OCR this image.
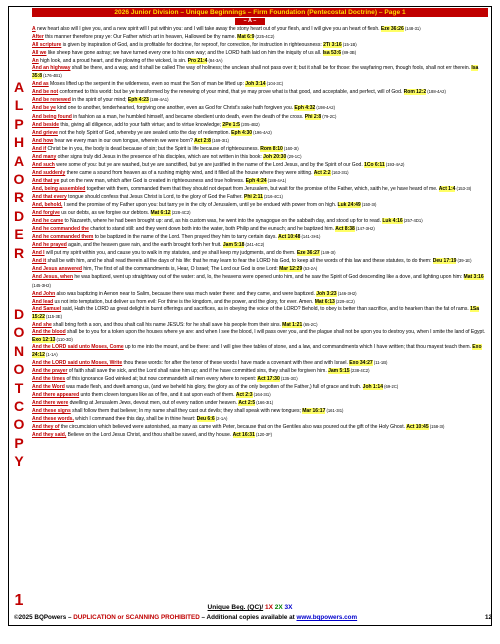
2026 Junior Division – Unique Beginnings – Firm Foundation (Pentecostal Doctrine) – Page 1
– A –
A
L
P
H
A
O
R
D
E
R
D
O
N
O
T
C
O
P
Y
1
A new heart also will I give you, and a new spirit will I put within you: and I will take away the stony heart out of your flesh, and I will give you an heart of flesh. Eze 36:26 (148-31)
After this manner therefore pray ye: Our Father which art in heaven, Hallowed be thy name. Mat 6:9 (225-4C2)
All scripture is given by inspiration of God, and is profitable for doctrine, for reproof, for correction, for instruction in righteousness: 2Ti 3:16 (15-1B)
All we like sheep have gone astray; we have turned every one to his own way; and the LORD hath laid on him the iniquity of us all. Isa 53:6 (89-3B)
An high look, and a proud heart, and the plowing of the wicked, is sin. Pro 21:4 (84-3A)
And an highway shall be there, and a way, and it shall be called The way of holiness; the unclean shall not pass over it; but it shall be for those: the wayfaring men, though fools, shall not err therein. Isa 35:8 (176-4B1)
And as Moses lifted up the serpent in the wilderness, even so must the Son of man be lifted up: Joh 3:14 (104-3C)
And be not conformed to this world: but be ye transformed by the renewing of your mind, that ye may prove what is that good, and acceptable, and perfect, will of God. Rom 12:2 (188-4A2)
And be renewed in the spirit of your mind; Eph 4:23 (188-4A1)
And be ye kind one to another, tenderhearted, forgiving one another, even as God for Christ's sake hath forgiven you. Eph 4:32 (198-4A2)
And being found in fashion as a man, he humbled himself, and became obedient unto death, even the death of the cross. Phi 2:8 (79-2C)
And beside this, giving all diligence, add to your faith virtue; and to virtue knowledge; 2Pe 1:5 (205-4B2)
And grieve not the holy Spirit of God, whereby ye are sealed unto the day of redemption. Eph 4:30 (196-4A2)
And how hear we every man in our own tongue, wherein we were born? Act 2:8 (169-3I1)
And if Christ be in you, the body is dead because of sin; but the Spirit is life because of righteousness. Rom 8:10 (160-3I)
And many other signs truly did Jesus in the presence of his disciples, which are not written in this book: Joh 20:30 (29-1C)
And such were some of you: but ye are washed, but ye are sanctified, but ye are justified in the name of the Lord Jesus, and by the Spirit of our God. 1Co 6:11 (193-4A2)
And suddenly there came a sound from heaven as of a rushing mighty wind, and it filled all the house where they were sitting. Act 2:2 (163-3I1)
And that ye put on the new man, which after God is created in righteousness and true holiness. Eph 4:24 (188-4A1)
And, being assembled together with them, commanded them that they should not depart from Jerusalem, but wait for the promise of the Father, which, saith he, ye have heard of me. Act 1:4 (153-3I)
And that every tongue should confess that Jesus Christ is Lord, to the glory of God the Father. Phi 2:11 (216-4C1)
And, behold, I send the promise of my Father upon you: but tarry ye in the city of Jerusalem, until ye be endued with power from on high. Luk 24:49 (150-3I)
And forgive us our debts, as we forgive our debtors. Mat 6:12 (228-4C2)
And he came to Nazareth, where he had been brought up: and, as his custom was, he went into the synagogue on the sabbath day, and stood up for to read. Luk 4:16 (257-4D1)
And he commanded the chariot to stand still: and they went down both into the water, both Philip and the eunuch; and he baptized him. Act 8:38 (147-3H2)
And he commanded them to be baptized in the name of the Lord. Then prayed they him to tarry certain days. Act 10:48 (141-3H1)
And he prayed again, and the heaven gave rain, and the earth brought forth her fruit. Jam 5:18 (241-4C2)
And I will put my spirit within you, and cause you to walk in my statutes, and ye shall keep my judgments, and do them. Eze 36:27 (149-3I)
And it shall be with him, and he shall read therein all the days of his life: that he may learn to fear the LORD his God, to keep all the words of this law and these statutes, to do them: Deu 17:19 (39-1E)
And Jesus answered him, The first of all the commandments is, Hear, O Israel; The Lord our God is one Lord: Mar 12:29 (53-2A)
And Jesus, when he was baptized, went up straightway out of the water: and, lo, the heavens were opened unto him, and he saw the Spirit of God descending like a dove, and lighting upon him: Mat 3:16 (145-3H2)
And John also was baptizing in Aenon near to Salim, because there was much water there: and they came, and were baptized. Joh 3:23 (146-3H2)
And lead us not into temptation, but deliver us from evil: For thine is the kingdom, and the power, and the glory, for ever. Amen. Mat 6:13 (229-4C2)
And Samuel said, Hath the LORD as great delight in burnt offerings and sacrifices, as in obeying the voice of the LORD? Behold, to obey is better than sacrifice, and to hearken than the fat of rams. 1Sa 15:22 (115-3E)
And she shall bring forth a son, and thou shalt call his name JESUS: for he shall save his people from their sins. Mat 1:21 (65-2C)
And the blood shall be to you for a token upon the houses where ye are: and when I see the blood, I will pass over you, and the plague shall not be upon you to destroy you, when I smite the land of Egypt. Exo 12:13 (110-3D)
And the LORD said unto Moses, Come up to me into the mount, and be there: and I will give thee tables of stone, and a law, and commandments which I have written; that thou mayest teach them. Exo 24:12 (1-1A)
And the LORD said unto Moses, Write thou these words: for after the tenor of these words I have made a covenant with thee and with Israel. Exo 34:27 (11-1B)
And the prayer of faith shall save the sick, and the Lord shall raise him up; and if he have committed sins, they shall be forgiven him. Jam 5:15 (238-4C2)
And the times of this ignorance God winked at; but now commandeth all men every where to repent: Act 17:30 (135-3G)
And the Word was made flesh, and dwelt among us, (and we beheld his glory, the glory as of the only begotten of the Father,) full of grace and truth. Joh 1:14 (69-2C)
And there appeared unto them cloven tongues like as of fire, and it sat upon each of them. Act 2:3 (164-3I1)
And there were dwelling at Jerusalem Jews, devout men, out of every nation under heaven. Act 2:5 (166-3I1)
And these signs shall follow them that believe; In my name shall they cast out devils; they shall speak with new tongues; Mar 16:17 (161-3I1)
And these words, which I command thee this day, shall be in thine heart: Deu 6:6 (2-1A)
And they of the circumcision which believed were astonished, as many as came with Peter, because that on the Gentiles also was poured out the gift of the Holy Ghost. Act 10:45 (158-3I)
And they said, Believe on the Lord Jesus Christ, and thou shalt be saved, and thy house. Act 16:31 (120-3F)
Unique Beg. (QC)/ 1X 2X 3X
©2025 BQPowers – DUPLICATION or SCANNING PROHIBITED – Additional copies available at www.bqpowers.com	12
